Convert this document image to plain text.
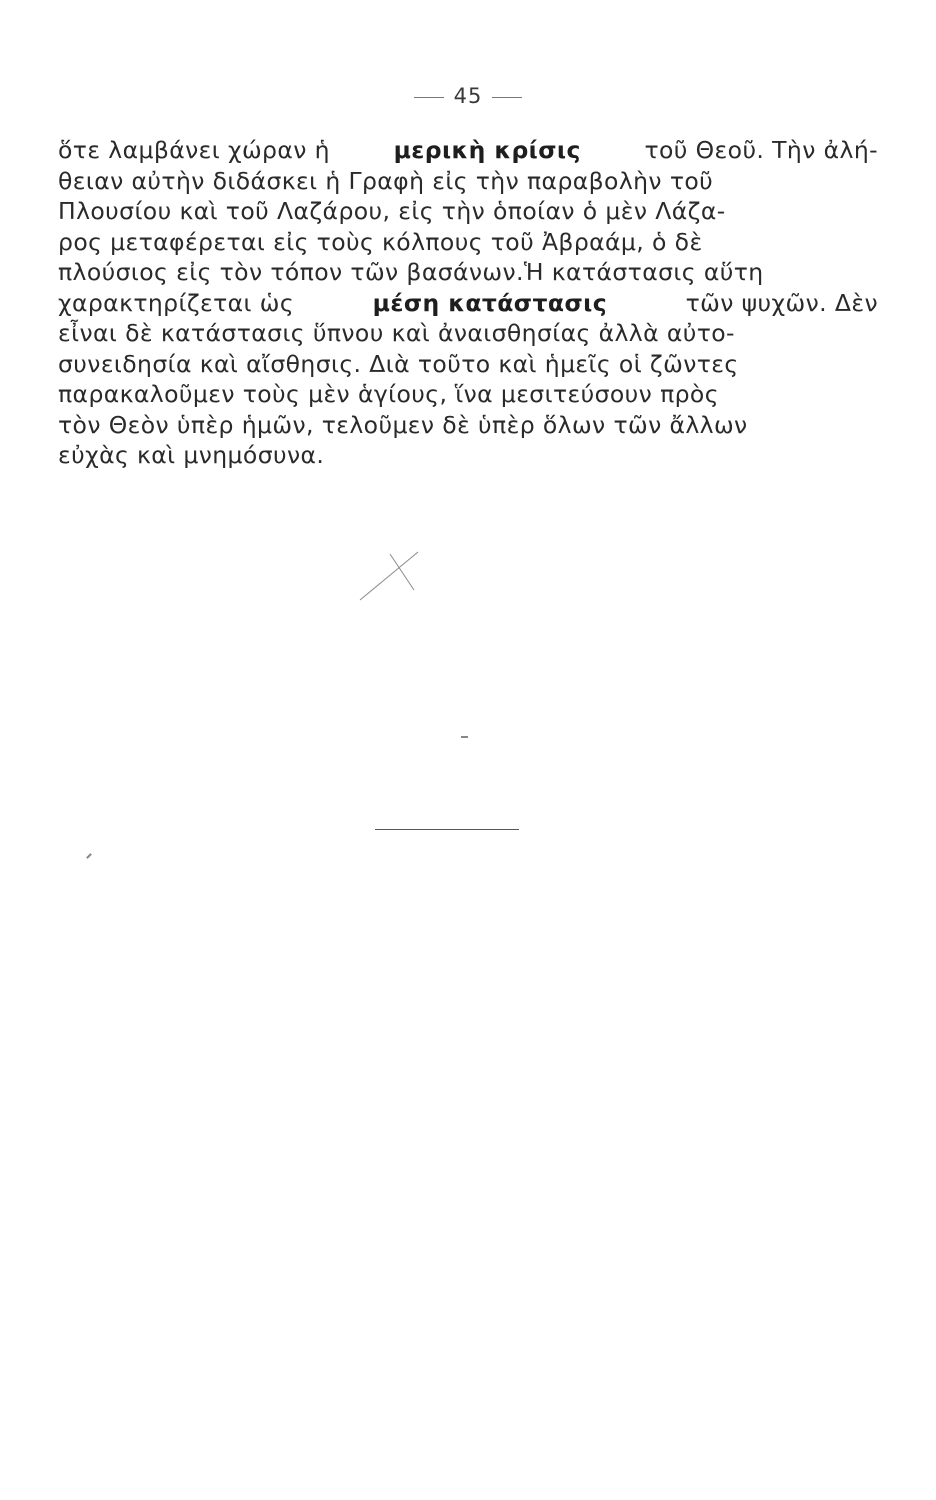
45
ὅτε λαμβάνει χώραν ἡ	μερικὴ κρίσις	τοῦ Θεοῦ. Τὴν ἀλή-
θειαν αὐτὴν διδάσκει ἡ Γραφὴ εἰς τὴν παραβολὴν τοῦ
Πλουσίου καὶ τοῦ Λαζάρου, εἰς τὴν ὁποίαν ὁ μὲν Λάζα-
ρος μεταφέρεται εἰς τοὺς κόλπους τοῦ Ἀβραάμ, ὁ δὲ
πλούσιος εἰς τὸν τόπον τῶν βασάνων.Ἡ κατάστασις αὕτη
χαρακτηρίζεται ὡς	μέση κατάστασις	τῶν ψυχῶν. Δὲν
εἶναι δὲ κατάστασις ὕπνου καὶ ἀναισθησίας ἀλλὰ αὐτο-
συνειδησία καὶ αἴσθησις. Διὰ τοῦτο καὶ ἡμεῖς οἱ ζῶντες
παρακαλοῦμεν τοὺς μὲν ἁγίους, ἵνα μεσιτεύσουν πρὸς
τὸν Θεὸν ὑπὲρ ἡμῶν, τελοῦμεν δὲ ὑπὲρ ὅλων τῶν ἄλλων
εὐχὰς καὶ μνημόσυνα.
